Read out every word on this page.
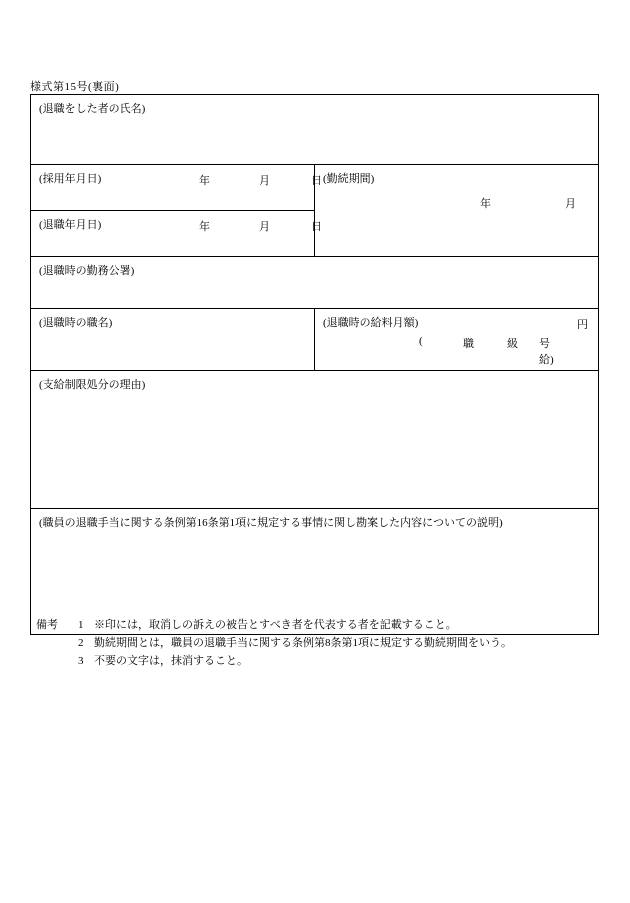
様式第15号(裏面)
(退職をした者の氏名)	

(採用年月日) 年 月 日	(勤続期間)
年 月

(退職年月日) 年 月 日	

(退職時の勤務公署)	

(退職時の職名)	(退職時の給料月額)	円
(	職	級 号給)

(支給制限処分の理由)	

(職員の退職手当に関する条例第16条第1項に規定する事情に関し勘案した内容についての説明)	
備考 1 ※印には，取消しの訴えの被告とすべき者を代表する者を記載すること。
2 勤続期間とは，職員の退職手当に関する条例第8条第1項に規定する勤続期間をいう。
3 不要の文字は，抹消すること。
